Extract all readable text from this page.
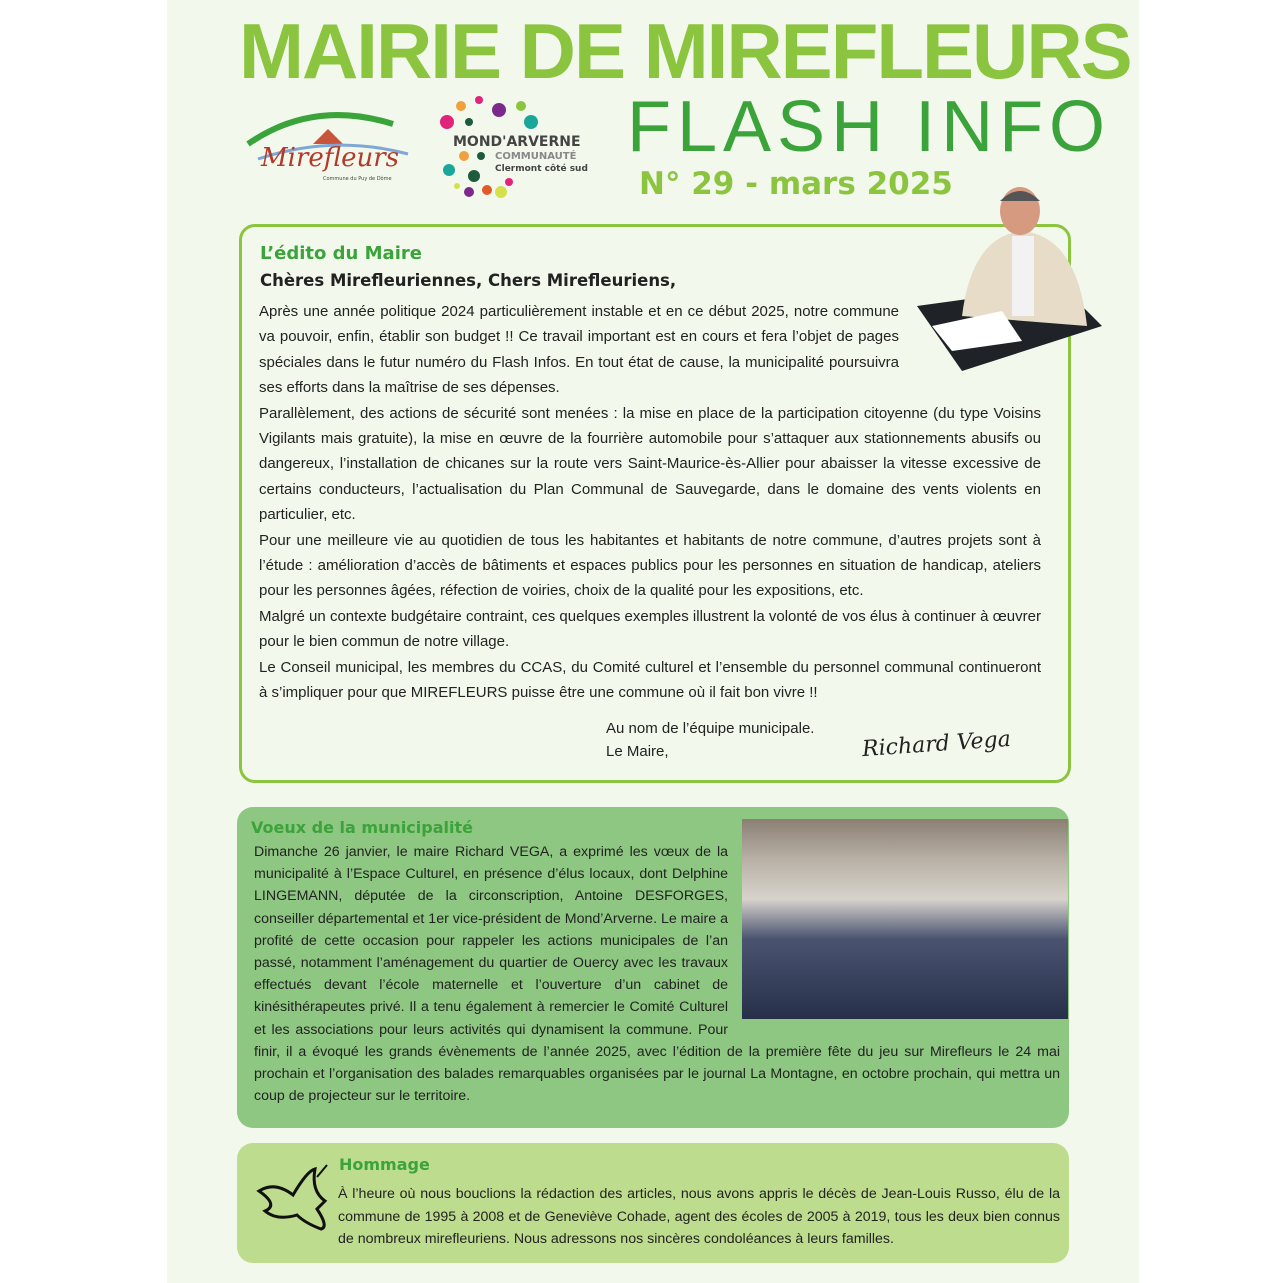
MAIRIE DE MIREFLEURS
FLASH INFO
N° 29 - mars 2025
Mirefleurs
Commune du Puy de Dôme
MOND'ARVERNE
COMMUNAUTÉ
Clermont côté sud
L’édito du Maire
Chères Mirefleuriennes, Chers Mirefleuriens,

Après une année politique 2024 particulièrement instable et en ce début 2025, notre commune va pouvoir, enfin, établir son budget !! Ce travail important est en cours et fera l’objet de pages spéciales dans le futur numéro du Flash Infos. En tout état de cause, la municipalité poursuivra ses efforts dans la maîtrise de ses dépenses.

Parallèlement, des actions de sécurité sont menées : la mise en place de la participation citoyenne (du type Voisins Vigilants mais gratuite), la mise en œuvre de la fourrière automobile pour s’attaquer aux stationnements abusifs ou dangereux, l’installation de chicanes sur la route vers Saint-Maurice-ès-Allier pour abaisser la vitesse excessive de certains conducteurs, l’actualisation du Plan Communal de Sauvegarde, dans le domaine des vents violents en particulier, etc.

Pour une meilleure vie au quotidien de tous les habitantes et habitants de notre commune, d’autres projets sont à l’étude : amélioration d’accès de bâtiments et espaces publics pour les personnes en situation de handicap, ateliers pour les personnes âgées, réfection de voiries, choix de la qualité pour les expositions, etc.

Malgré un contexte budgétaire contraint, ces quelques exemples illustrent la volonté de vos élus à continuer à œuvrer pour le bien commun de notre village.

Le Conseil municipal, les membres du CCAS, du Comité culturel et l’ensemble du personnel communal continueront à s’impliquer pour que MIREFLEURS puisse être une commune où il fait bon vivre !!

Au nom de l’équipe municipale.
Le Maire,	Richard Vega
Voeux de la municipalité
Dimanche 26 janvier, le maire Richard VEGA, a exprimé les vœux de la municipalité à l’Espace Culturel, en présence d’élus locaux, dont Delphine LINGEMANN, députée de la circonscription, Antoine DESFORGES, conseiller départemental et 1er vice-président de Mond’Arverne. Le maire a profité de cette occasion pour rappeler les actions municipales de l’an passé, notamment l’aménagement du quartier de Ouercy avec les travaux effectués devant l’école maternelle et l’ouverture d’un cabinet de kinésithérapeutes privé. Il a tenu également à remercier le Comité Culturel et les associations pour leurs activités qui dynamisent la commune. Pour finir, il a évoqué les grands évènements de l’année 2025, avec l’édition de la première fête du jeu sur Mirefleurs le 24 mai prochain et l’organisation des balades remarquables organisées par le journal La Montagne, en octobre prochain, qui mettra un coup de projecteur sur le territoire.
Hommage
À l’heure où nous bouclions la rédaction des articles, nous avons appris le décès de Jean-Louis Russo, élu de la commune de 1995 à 2008 et de Geneviève Cohade, agent des écoles de 2005 à 2019, tous les deux bien connus de nombreux mirefleuriens. Nous adressons nos sincères condoléances à leurs familles.
